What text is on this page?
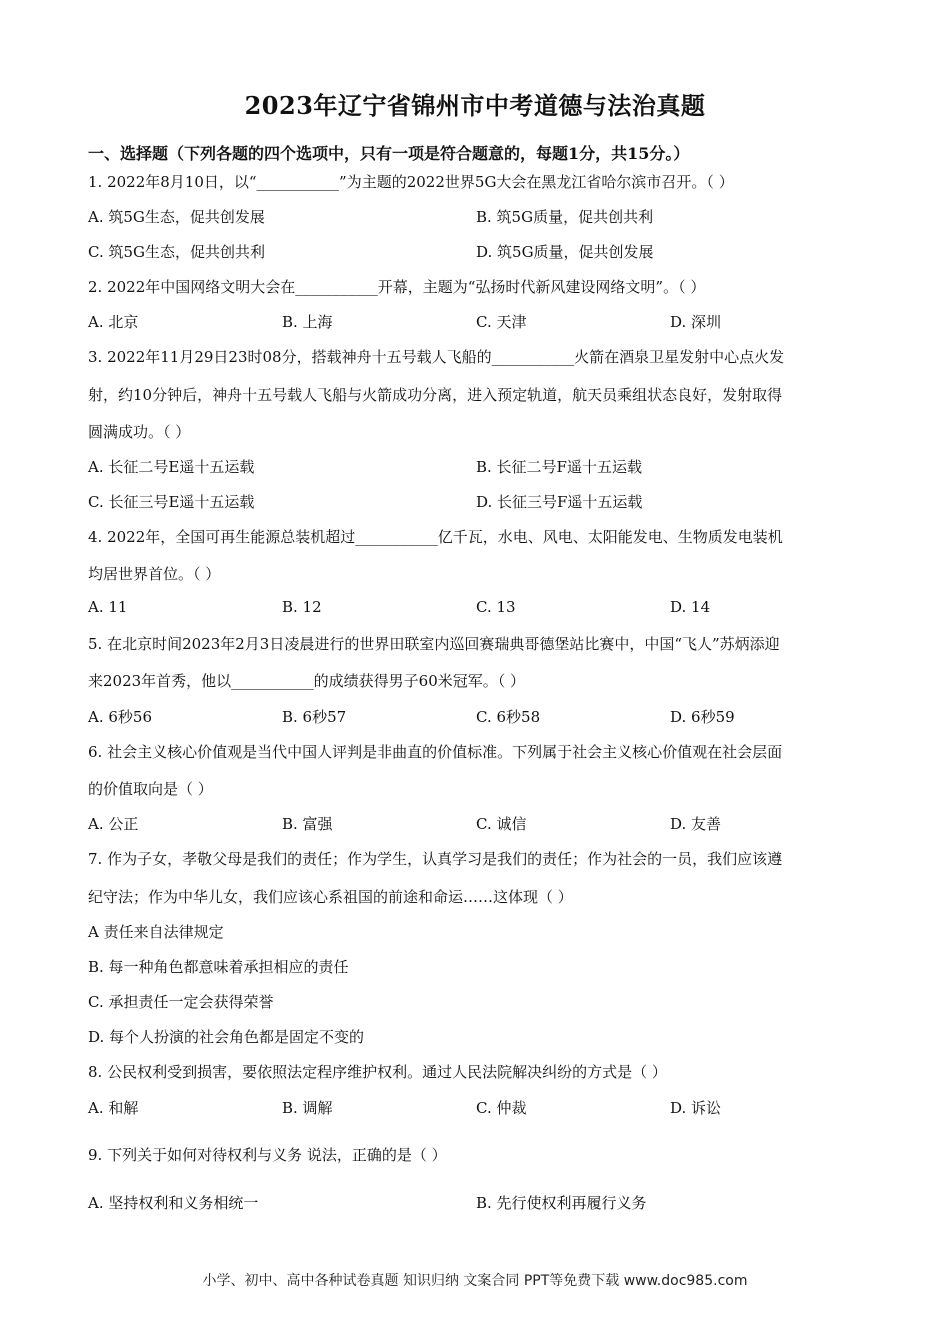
2023年辽宁省锦州市中考道德与法治真题
一、选择题（下列各题的四个选项中，只有一项是符合题意的，每题1分，共15分。）
1. 2022年8月10日，以“___________”为主题的2022世界5G大会在黑龙江省哈尔滨市召开。（ ）
A. 筑5G生态，促共创发展	B. 筑5G质量，促共创共利
C. 筑5G生态，促共创共利	D. 筑5G质量，促共创发展
2. 2022年中国网络文明大会在___________开幕，主题为“弘扬时代新风建设网络文明”。（ ）
A. 北京	B. 上海	C. 天津	D. 深圳
3. 2022年11月29日23时08分，搭载神舟十五号载人飞船的___________火箭在酒泉卫星发射中心点火发
射，约10分钟后，神舟十五号载人飞船与火箭成功分离，进入预定轨道，航天员乘组状态良好，发射取得
圆满成功。（ ）
A. 长征二号E遥十五运载	B. 长征二号F遥十五运载
C. 长征三号E遥十五运载	D. 长征三号F遥十五运载
4. 2022年，全国可再生能源总装机超过___________亿千瓦，水电、风电、太阳能发电、生物质发电装机
均居世界首位。（ ）
A. 11	B. 12	C. 13	D. 14
5. 在北京时间2023年2月3日凌晨进行的世界田联室内巡回赛瑞典哥德堡站比赛中，中国“飞人”苏炳添迎
来2023年首秀，他以___________的成绩获得男子60米冠军。（ ）
A. 6秒56	B. 6秒57	C. 6秒58	D. 6秒59
6. 社会主义核心价值观是当代中国人评判是非曲直的价值标准。下列属于社会主义核心价值观在社会层面
的价值取向是（ ）
A. 公正	B. 富强	C. 诚信	D. 友善
7. 作为子女，孝敬父母是我们的责任；作为学生，认真学习是我们的责任；作为社会的一员，我们应该遵
纪守法；作为中华儿女，我们应该心系祖国的前途和命运……这体现（ ）
A 责任来自法律规定
B. 每一种角色都意味着承担相应的责任
C. 承担责任一定会获得荣誉
D. 每个人扮演的社会角色都是固定不变的
8. 公民权利受到损害，要依照法定程序维护权利。通过人民法院解决纠纷的方式是（ ）
A. 和解	B. 调解	C. 仲裁	D. 诉讼
9. 下列关于如何对待权利与义务 说法，正确的是（ ）
A. 坚持权利和义务相统一	B. 先行使权利再履行义务
小学、初中、高中各种试卷真题 知识归纳 文案合同 PPT等免费下载 www.doc985.com
